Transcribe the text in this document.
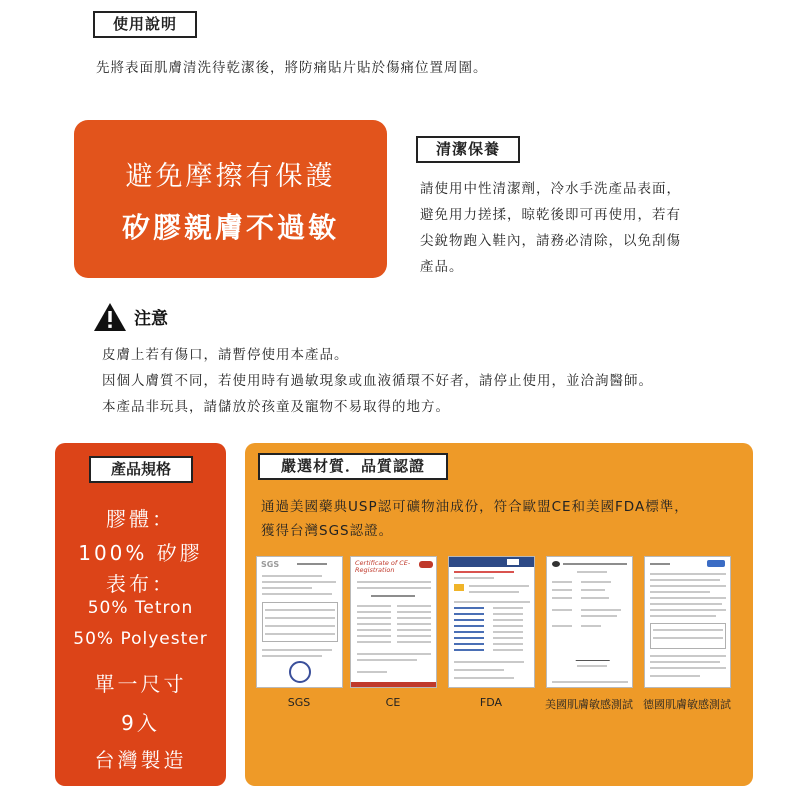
使用說明
先將表面肌膚清洗待乾潔後，將防痛貼片貼於傷痛位置周圍。
避免摩擦有保護
矽膠親膚不過敏
清潔保養
請使用中性清潔劑，冷水手洗產品表面，
避免用力搓揉，晾乾後即可再使用，若有
尖銳物跑入鞋內，請務必清除，以免刮傷
產品。
注意
皮膚上若有傷口，請暫停使用本產品。
因個人膚質不同，若使用時有過敏現象或血液循環不好者，請停止使用，並洽詢醫師。
本產品非玩具，請儲放於孩童及寵物不易取得的地方。
產品規格
膠體：
100% 矽膠
表布：
50% Tetron
50% Polyester
單一尺寸
9入
台灣製造
嚴選材質．品質認證
通過美國藥典USP認可礦物油成份，符合歐盟CE和美國FDA標準，
獲得台灣SGS認證。
SGS	Certificate of CE-Registration
SGS	CE	FDA	美國肌膚敏感測試 德國肌膚敏感測試
